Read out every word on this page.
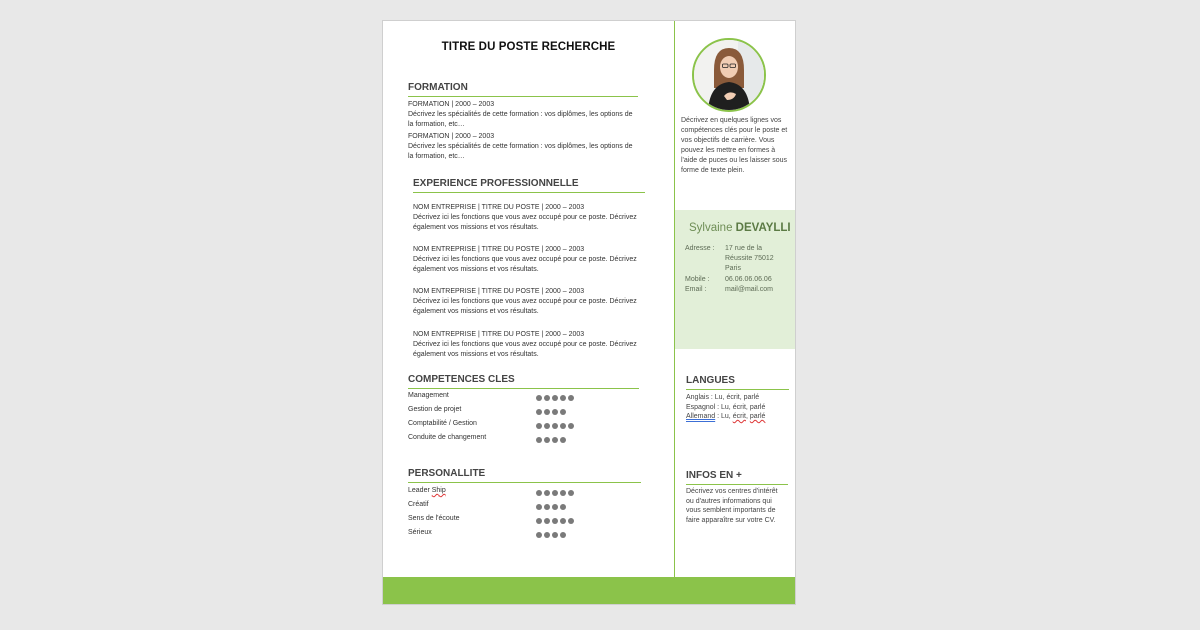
TITRE DU POSTE RECHERCHE
FORMATION
FORMATION | 2000 – 2003
Décrivez les spécialités de cette formation : vos diplômes, les options de la formation, etc…
FORMATION | 2000 – 2003
Décrivez les spécialités de cette formation : vos diplômes, les options de la formation, etc…
EXPERIENCE PROFESSIONNELLE
NOM ENTREPRISE | TITRE DU POSTE | 2000 – 2003
Décrivez ici les fonctions que vous avez occupé pour ce poste. Décrivez également vos missions et vos résultats.
NOM ENTREPRISE | TITRE DU POSTE | 2000 – 2003
Décrivez ici les fonctions que vous avez occupé pour ce poste. Décrivez également vos missions et vos résultats.
NOM ENTREPRISE | TITRE DU POSTE | 2000 – 2003
Décrivez ici les fonctions que vous avez occupé pour ce poste. Décrivez également vos missions et vos résultats.
NOM ENTREPRISE | TITRE DU POSTE | 2000 – 2003
Décrivez ici les fonctions que vous avez occupé pour ce poste. Décrivez également vos missions et vos résultats.
COMPETENCES CLES
Management
Gestion de projet
Comptabilité / Gestion
Conduite de changement
PERSONALLITE
Leader Ship
Créatif
Sens de l'écoute
Sérieux
Décrivez en quelques lignes vos compétences clés pour le poste et vos objectifs de carrière. Vous pouvez les mettre en formes à l'aide de puces ou les laisser sous forme de texte plein.
Sylvaine DEVAYLLI
Adresse : 17 rue de la Réussite 75012 Paris
Mobile : 06.06.06.06.06
Email :	mail@mail.com
LANGUES
Anglais : Lu, écrit, parlé
Espagnol : Lu, écrit, parlé
Allemand : Lu, écrit, parlé
INFOS EN +
Décrivez vos centres d'intérêt ou d'autres informations qui vous semblent importants de faire apparaître sur votre CV.
